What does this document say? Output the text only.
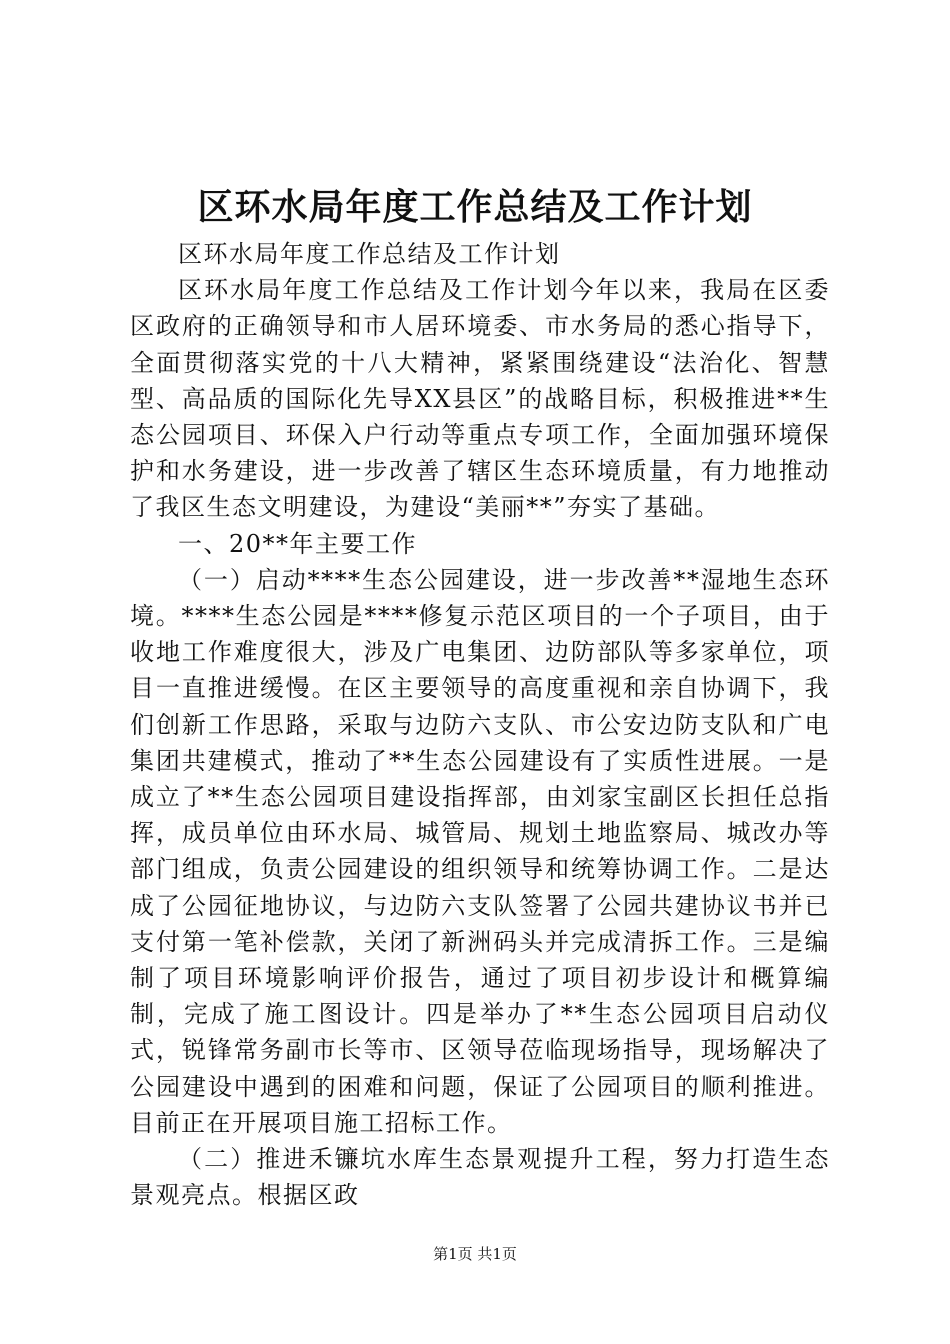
区环水局年度工作总结及工作计划

区环水局年度工作总结及工作计划

区环水局年度工作总结及工作计划今年以来，我局在区委区政府的正确领导和市人居环境委、市水务局的悉心指导下，全面贯彻落实党的十八大精神，紧紧围绕建设“法治化、智慧型、高品质的国际化先导XX县区”的战略目标，积极推进**生态公园项目、环保入户行动等重点专项工作，全面加强环境保护和水务建设，进一步改善了辖区生态环境质量，有力地推动了我区生态文明建设，为建设“美丽**”夯实了基础。

一、20**年主要工作

（一）启动****生态公园建设，进一步改善**湿地生态环境。****生态公园是****修复示范区项目的一个子项目，由于收地工作难度很大，涉及广电集团、边防部队等多家单位，项目一直推进缓慢。在区主要领导的高度重视和亲自协调下，我们创新工作思路，采取与边防六支队、市公安边防支队和广电集团共建模式，推动了**生态公园建设有了实质性进展。一是成立了**生态公园项目建设指挥部，由刘家宝副区长担任总指挥，成员单位由环水局、城管局、规划土地监察局、城改办等部门组成，负责公园建设的组织领导和统筹协调工作。二是达成了公园征地协议，与边防六支队签署了公园共建协议书并已支付第一笔补偿款，关闭了新洲码头并完成清拆工作。三是编制了项目环境影响评价报告，通过了项目初步设计和概算编制，完成了施工图设计。四是举办了**生态公园项目启动仪式，锐锋常务副市长等市、区领导莅临现场指导，现场解决了公园建设中遇到的困难和问题，保证了公园项目的顺利推进。目前正在开展项目施工招标工作。

（二）推进禾镰坑水库生态景观提升工程，努力打造生态景观亮点。根据区政

第1页 共1页
